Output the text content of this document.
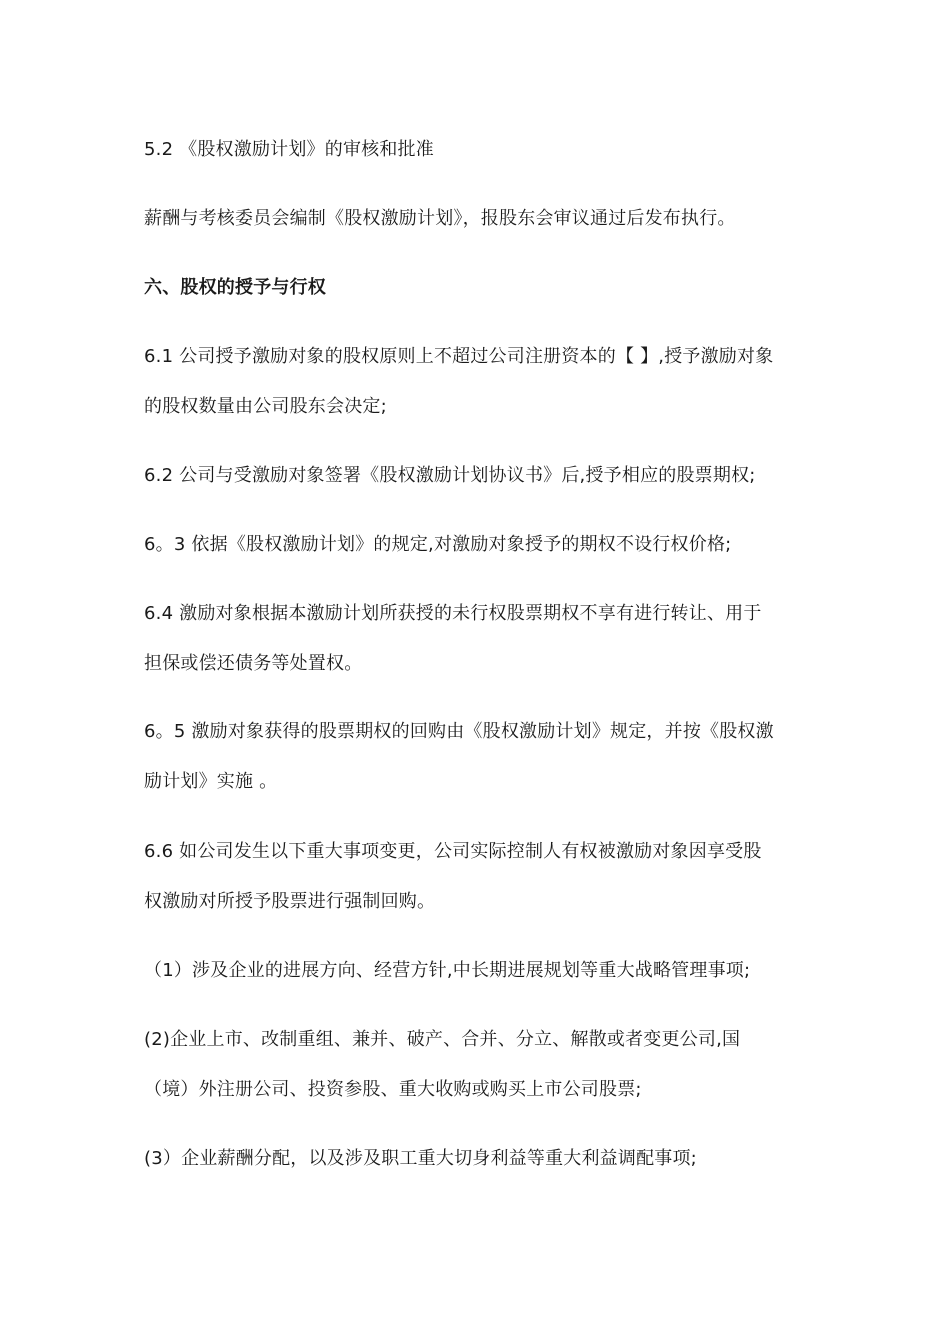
5.2 《股权激励计划》的审核和批准
薪酬与考核委员会编制《股权激励计划》，报股东会审议通过后发布执行。
六、股权的授予与行权
6.1 公司授予激励对象的股权原则上不超过公司注册资本的【 】,授予激励对象
的股权数量由公司股东会决定;
6.2 公司与受激励对象签署《股权激励计划协议书》后,授予相应的股票期权;
6。3 依据《股权激励计划》的规定,对激励对象授予的期权不设行权价格;
6.4 激励对象根据本激励计划所获授的未行权股票期权不享有进行转让、用于
担保或偿还债务等处置权。
6。5 激励对象获得的股票期权的回购由《股权激励计划》规定，并按《股权激
励计划》实施 。
6.6 如公司发生以下重大事项变更，公司实际控制人有权被激励对象因享受股
权激励对所授予股票进行强制回购。
（1）涉及企业的进展方向、经营方针,中长期进展规划等重大战略管理事项;
(2)企业上市、改制重组、兼并、破产、合并、分立、解散或者变更公司,国
（境）外注册公司、投资参股、重大收购或购买上市公司股票;
(3）企业薪酬分配，以及涉及职工重大切身利益等重大利益调配事项;
